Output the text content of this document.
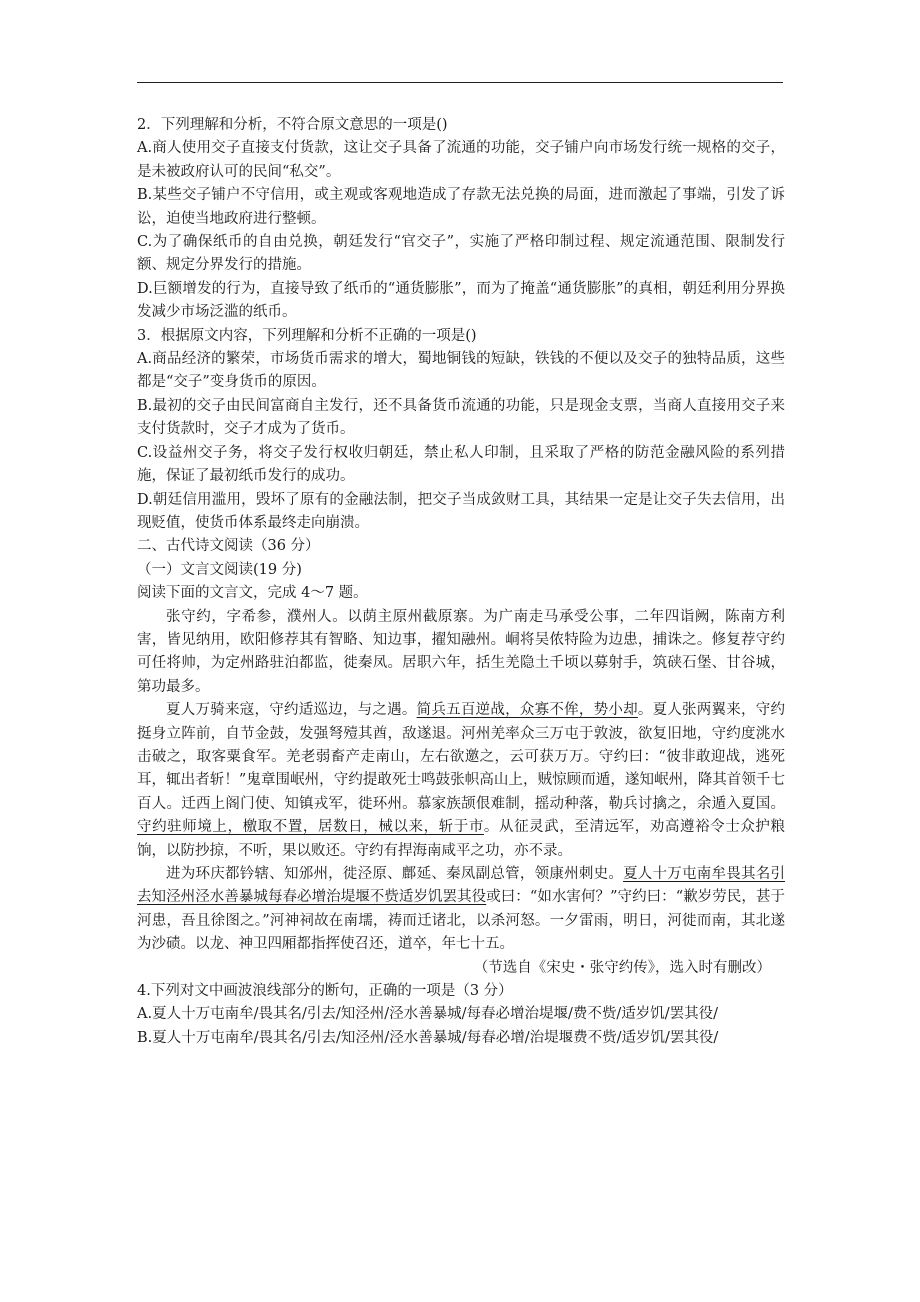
2．下列理解和分析，不符合原文意思的一项是()

A.商人使用交子直接支付货款，这让交子具备了流通的功能，交子铺户向市场发行统一规格的交子，是未被政府认可的民间“私交”。

B.某些交子铺户不守信用，或主观或客观地造成了存款无法兑换的局面，进而激起了事端，引发了诉讼，迫使当地政府进行整顿。

C.为了确保纸币的自由兑换，朝廷发行“官交子”，实施了严格印制过程、规定流通范围、限制发行额、规定分界发行的措施。

D.巨额增发的行为，直接导致了纸币的“通货膨胀”，而为了掩盖“通货膨胀”的真相，朝廷利用分界换发减少市场泛滥的纸币。

3．根据原文内容，下列理解和分析不正确的一项是()

A.商品经济的繁荣，市场货币需求的增大，蜀地铜钱的短缺，铁钱的不便以及交子的独特品质，这些都是“交子”变身货币的原因。

B.最初的交子由民间富商自主发行，还不具备货币流通的功能，只是现金支票，当商人直接用交子来支付货款时，交子才成为了货币。

C.设益州交子务，将交子发行权收归朝廷，禁止私人印制，且采取了严格的防范金融风险的系列措施，保证了最初纸币发行的成功。

D.朝廷信用滥用，毁坏了原有的金融法制，把交子当成敛财工具，其结果一定是让交子失去信用，出现贬值，使货币体系最终走向崩溃。

二、古代诗文阅读（36 分）

（一）文言文阅读(19 分)

阅读下面的文言文，完成 4～7 题。

张守约，字希参，濮州人。以荫主原州截原寨。为广南走马承受公事，二年四诣阙，陈南方利害，皆见纳用，欧阳修荐其有智略、知边事，擢知融州。峒将吴侬特险为边患，捕诛之。修复荐守约可任将帅，为定州路驻泊都监，徙秦凤。居职六年，括生羌隐土千顷以募射手，筑硖石堡、甘谷城，第功最多。

夏人万骑来寇，守约适巡边，与之遇。简兵五百逆战，众寡不侔，势小却。夏人张两翼来，守约挺身立阵前，自节金鼓，发强弩殪其酋，敌遂退。河州羌率众三万屯于敦波，欲复旧地，守约度洮水击破之，取客粟食军。羌老弱畜产走南山，左右欲邀之，云可获万万。守约曰：“彼非敢迎战，逃死耳，辄出者斩！”鬼章围岷州，守约提敢死士鸣鼓张帜高山上，贼惊顾而遁，遂知岷州，降其首领千七百人。迁西上阁门使、知镇戎军，徙环州。慕家族颉佷难制，摇动种落，勒兵讨擒之，余遁入夏国。守约驻师境上，檄取不置，居数日，械以来，斩于市。从征灵武，至清远军，劝高遵裕令士众护粮饷，以防抄掠，不听，果以败还。守约有捍海南咸平之功，亦不录。

进为环庆都钤辖、知邠州，徙泾原、鄜延、秦凤副总管，领康州刺史。夏人十万屯南牟畏其名引去知泾州泾水善暴城每春必增治堤堰不赀适岁饥罢其役或曰：“如水害何？”守约曰：“歉岁劳民，甚于河患，吾且徐图之。”河神祠故在南壖，祷而迁诸北，以杀河怒。一夕雷雨，明日，河徙而南，其北遂为沙碛。以龙、神卫四厢都指挥使召还，道卒，年七十五。

（节选自《宋史・张守约传》，选入时有删改）

4.下列对文中画波浪线部分的断句，正确的一项是（3 分）

A.夏人十万屯南牟/畏其名/引去/知泾州/泾水善暴城/每春必增治堤堰/费不赀/适岁饥/罢其役/

B.夏人十万屯南牟/畏其名/引去/知泾州/泾水善暴城/每春必增/治堤堰费不赀/适岁饥/罢其役/
